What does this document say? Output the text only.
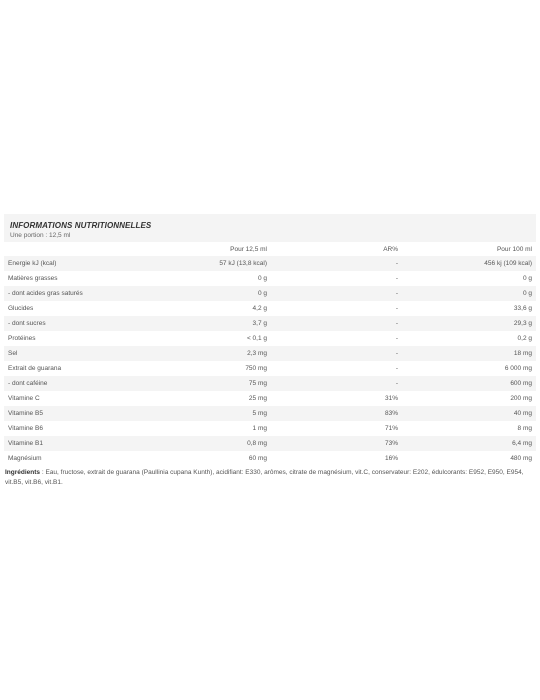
INFORMATIONS NUTRITIONNELLES
Une portion : 12,5 ml
	Pour 12,5 ml	AR%	Pour 100 ml
Energie kJ (kcal)	57 kJ (13,8 kcal)	-	456 kj (109 kcal)
Matières grasses	0 g	-	0 g
- dont acides gras saturés	0 g	-	0 g
Glucides	4,2 g	-	33,6 g
- dont sucres	3,7 g	-	29,3 g
Protéines	< 0,1 g	-	0,2 g
Sel	2,3 mg	-	18 mg
Extrait de guarana	750 mg	-	6 000 mg
- dont caféine	75 mg	-	600 mg
Vitamine C	25 mg	31%	200 mg
Vitamine B5	5 mg	83%	40 mg
Vitamine B6	1 mg	71%	8 mg
Vitamine B1	0,8 mg	73%	6,4 mg
Magnésium	60 mg	16%	480 mg
Ingrédients : Eau, fructose, extrait de guarana (Paullinia cupana Kunth), acidifiant: E330, arômes, citrate de magnésium, vit.C, conservateur: E202, édulcorants: E952, E950, E954, vit.B5, vit.B6, vit.B1.
